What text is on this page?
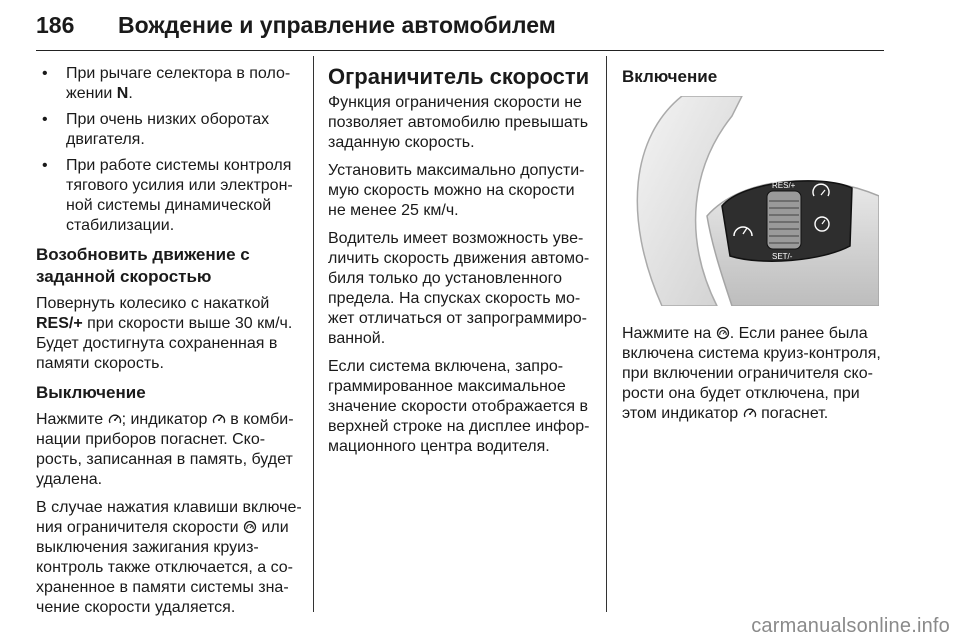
186 Вождение и управление автомобилем
• При рычаге селектора в поло-жении N.
• При очень низких оборотах двигателя.
• При работе системы контроля тягового усилия или электрон-ной системы динамической стабилизации.
Возобновить движение с заданной скоростью

Повернуть колесико с накаткой
RES/+ при скорости выше 30 км/ч. Будет достигнута сохраненная в памяти скорость.

Выключение

Нажмите ; индикатор  в комби-нации приборов погаснет. Ско-рость, записанная в память, будет удалена.

В случае нажатия клавиши включе-ния ограничителя скорости  или выключения зажигания круиз-контроль также отключается, а со-храненное в памяти системы зна-чение скорости удаляется.

Ограничитель скорости

Функция ограничения скорости не позволяет автомобилю превышать заданную скорость.

Установить максимально допусти-мую скорость можно на скорости не менее 25 км/ч.

Водитель имеет возможность уве-личить скорость движения автомо-биля только до установленного предела. На спусках скорость мо-жет отличаться от запрограммиро-ванной.

Если система включена, запро-граммированное максимальное значение скорости отображается в верхней строке на дисплее инфор-мационного центра водителя.

Включение
RES/+
SET/-

Нажмите на . Если ранее была включена система круиз-контроля, при включении ограничителя ско-рости она будет отключена, при этом индикатор  погаснет.

carmanualsonline.info
